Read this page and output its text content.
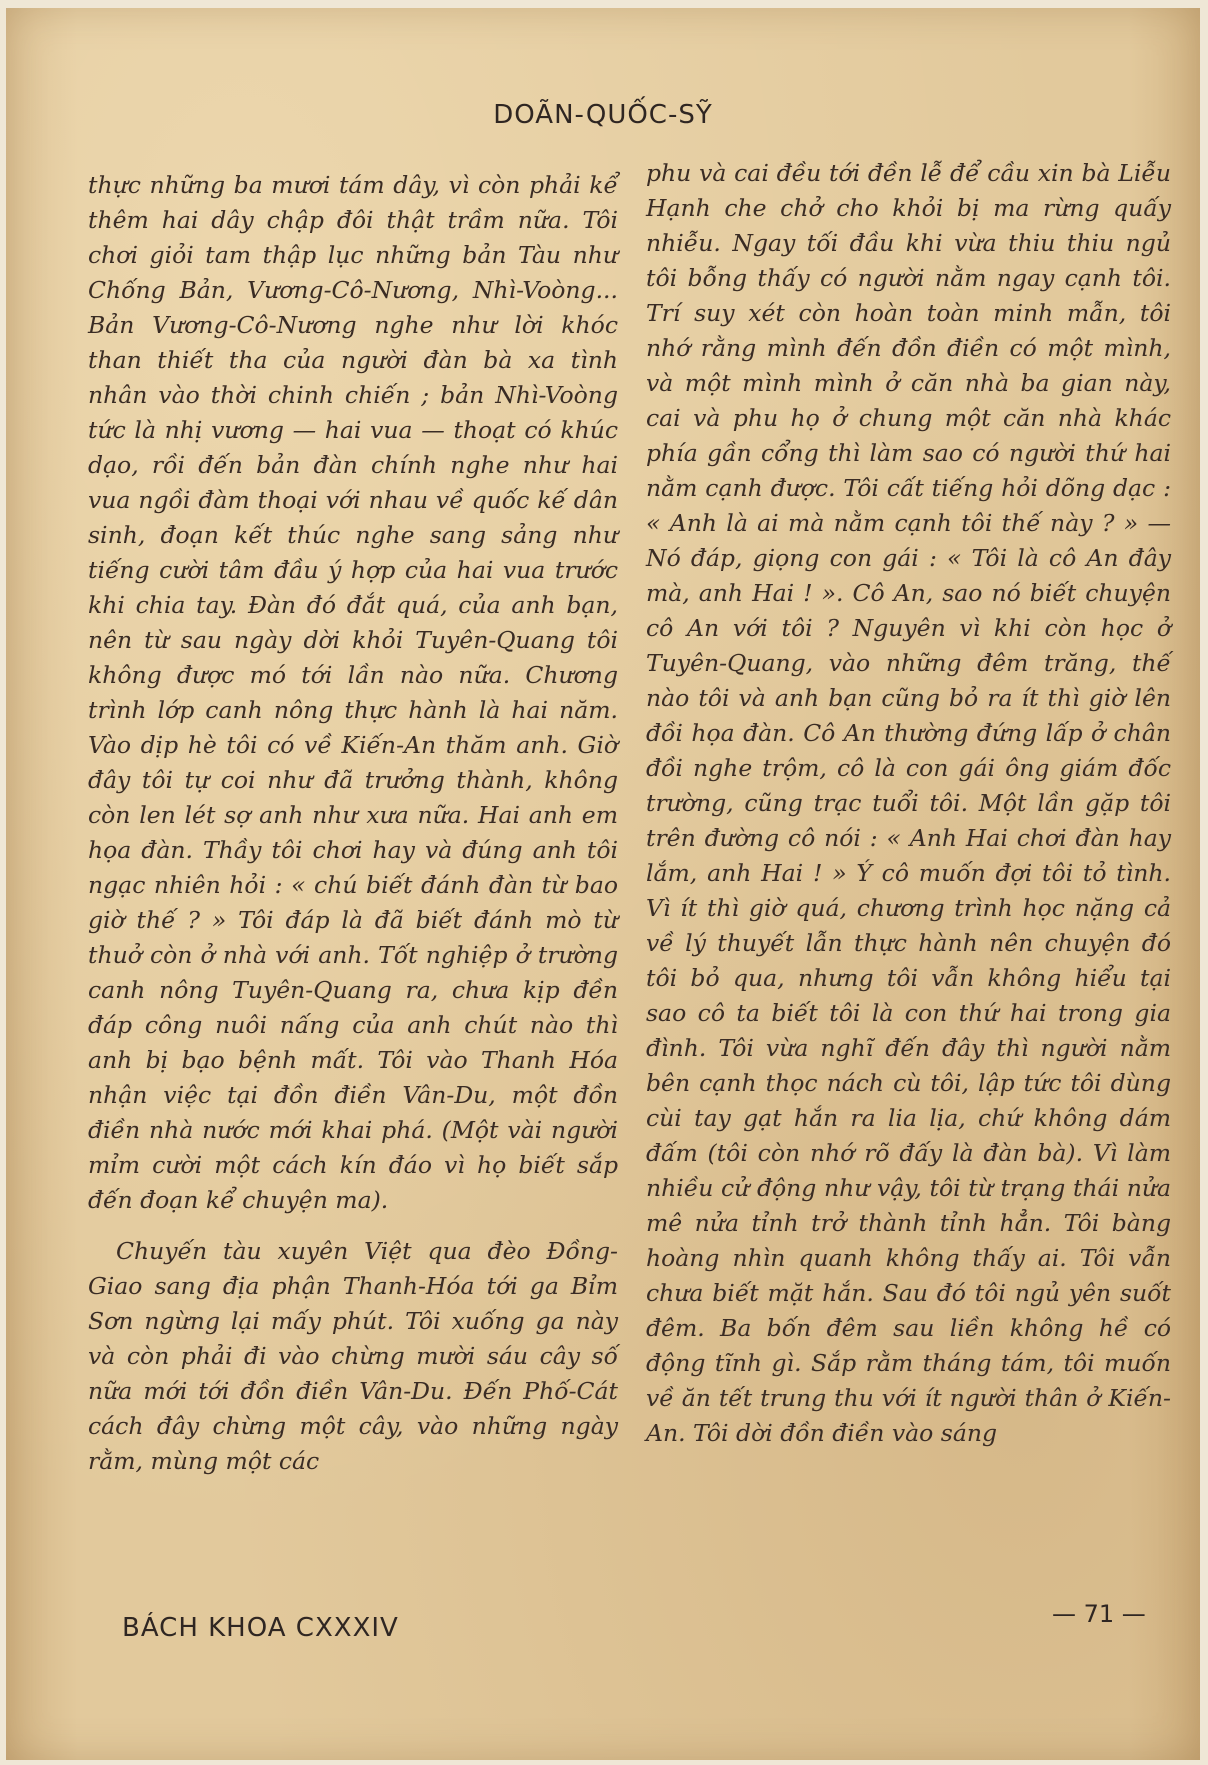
DOÃN-QUỐC-SỸ

thực những ba mươi tám dây, vì còn phải kể thêm hai dây chập đôi thật trầm nữa. Tôi chơi giỏi tam thập lục những bản Tàu như Chống Bản, Vương-Cô-Nương, Nhì-Voòng... Bản Vương-Cô-Nương nghe như lời khóc than thiết tha của người đàn bà xa tình nhân vào thời chinh chiến ; bản Nhì-Voòng tức là nhị vương — hai vua — thoạt có khúc dạo, rồi đến bản đàn chính nghe như hai vua ngồi đàm thoại với nhau về quốc kế dân sinh, đoạn kết thúc nghe sang sảng như tiếng cười tâm đầu ý hợp của hai vua trước khi chia tay. Đàn đó đắt quá, của anh bạn, nên từ sau ngày dời khỏi Tuyên-Quang tôi không được mó tới lần nào nữa. Chương trình lớp canh nông thực hành là hai năm. Vào dịp hè tôi có về Kiến-An thăm anh. Giờ đây tôi tự coi như đã trưởng thành, không còn len lét sợ anh như xưa nữa. Hai anh em họa đàn. Thầy tôi chơi hay và đúng anh tôi ngạc nhiên hỏi : « chú biết đánh đàn từ bao giờ thế ? » Tôi đáp là đã biết đánh mò từ thuở còn ở nhà với anh. Tốt nghiệp ở trường canh nông Tuyên-Quang ra, chưa kịp đền đáp công nuôi nấng của anh chút nào thì anh bị bạo bệnh mất. Tôi vào Thanh Hóa nhận việc tại đồn điền Vân-Du, một đồn điền nhà nước mới khai phá. (Một vài người mỉm cười một cách kín đáo vì họ biết sắp đến đoạn kể chuyện ma).

Chuyến tàu xuyên Việt qua đèo Đồng-Giao sang địa phận Thanh-Hóa tới ga Bỉm Sơn ngừng lại mấy phút. Tôi xuống ga này và còn phải đi vào chừng mười sáu cây số nữa mới tới đồn điền Vân-Du. Đến Phố-Cát cách đây chừng một cây, vào những ngày rằm, mùng một các

phu và cai đều tới đền lễ để cầu xin bà Liễu Hạnh che chở cho khỏi bị ma rừng quấy nhiễu. Ngay tối đầu khi vừa thiu thiu ngủ tôi bỗng thấy có người nằm ngay cạnh tôi. Trí suy xét còn hoàn toàn minh mẫn, tôi nhớ rằng mình đến đồn điền có một mình, và một mình mình ở căn nhà ba gian này, cai và phu họ ở chung một căn nhà khác phía gần cổng thì làm sao có người thứ hai nằm cạnh được. Tôi cất tiếng hỏi dõng dạc : « Anh là ai mà nằm cạnh tôi thế này ? » — Nó đáp, giọng con gái : « Tôi là cô An đây mà, anh Hai ! ». Cô An, sao nó biết chuyện cô An với tôi ? Nguyên vì khi còn học ở Tuyên-Quang, vào những đêm trăng, thế nào tôi và anh bạn cũng bỏ ra ít thì giờ lên đồi họa đàn. Cô An thường đứng lấp ở chân đồi nghe trộm, cô là con gái ông giám đốc trường, cũng trạc tuổi tôi. Một lần gặp tôi trên đường cô nói : « Anh Hai chơi đàn hay lắm, anh Hai ! » Ý cô muốn đợi tôi tỏ tình. Vì ít thì giờ quá, chương trình học nặng cả về lý thuyết lẫn thực hành nên chuyện đó tôi bỏ qua, nhưng tôi vẫn không hiểu tại sao cô ta biết tôi là con thứ hai trong gia đình. Tôi vừa nghĩ đến đây thì người nằm bên cạnh thọc nách cù tôi, lập tức tôi dùng cùi tay gạt hắn ra lia lịa, chứ không dám đấm (tôi còn nhớ rõ đấy là đàn bà). Vì làm nhiều cử động như vậy, tôi từ trạng thái nửa mê nửa tỉnh trở thành tỉnh hẳn. Tôi bàng hoàng nhìn quanh không thấy ai. Tôi vẫn chưa biết mặt hắn. Sau đó tôi ngủ yên suốt đêm. Ba bốn đêm sau liền không hề có động tĩnh gì. Sắp rằm tháng tám, tôi muốn về ăn tết trung thu với ít người thân ở Kiến-An. Tôi dời đồn điền vào sáng

BÁCH KHOA CXXXIV	— 71 —
